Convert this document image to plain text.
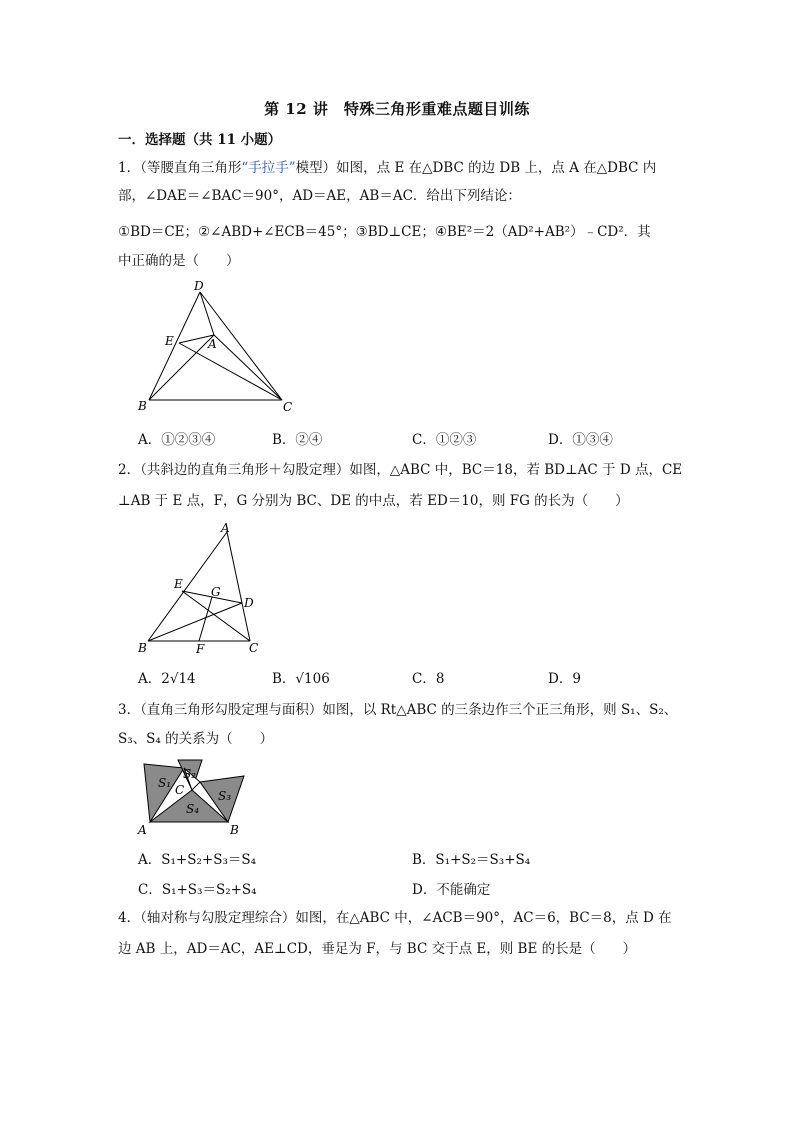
第 12 讲　特殊三角形重难点题目训练
一．选择题（共 11 小题）
1．（等腰直角三角形“手拉手”模型）如图，点 E 在△DBC 的边 DB 上，点 A 在△DBC 内
部，∠DAE＝∠BAC＝90°，AD＝AE，AB＝AC．给出下列结论：
①BD＝CE；②∠ABD+∠ECB＝45°；③BD⊥CE；④BE²＝2（AD²+AB²）﹣CD²．其
中正确的是（　　）
D
E	A
B	C
A．①②③④	B．②④	C．①②③	D．①③④
2．（共斜边的直角三角形＋勾股定理）如图，△ABC 中，BC＝18，若 BD⊥AC 于 D 点，CE
⊥AB 于 E 点，F，G 分别为 BC、DE 的中点，若 ED＝10，则 FG 的长为（　　）
A
E
G
D
B	F	C
A．2√14	B．√106	C．8	D．9
3．（直角三角形勾股定理与面积）如图，以 Rt△ABC 的三条边作三个正三角形，则 S₁、S₂、
S₃、S₄ 的关系为（　　）
S₁
S₂
C	S₃
S₄
A	B
A．S₁+S₂+S₃＝S₄	B．S₁+S₂＝S₃+S₄
C．S₁+S₃＝S₂+S₄	D．不能确定
4．（轴对称与勾股定理综合）如图，在△ABC 中，∠ACB＝90°，AC＝6，BC＝8，点 D 在
边 AB 上，AD＝AC，AE⊥CD，垂足为 F，与 BC 交于点 E，则 BE 的长是（　　）
